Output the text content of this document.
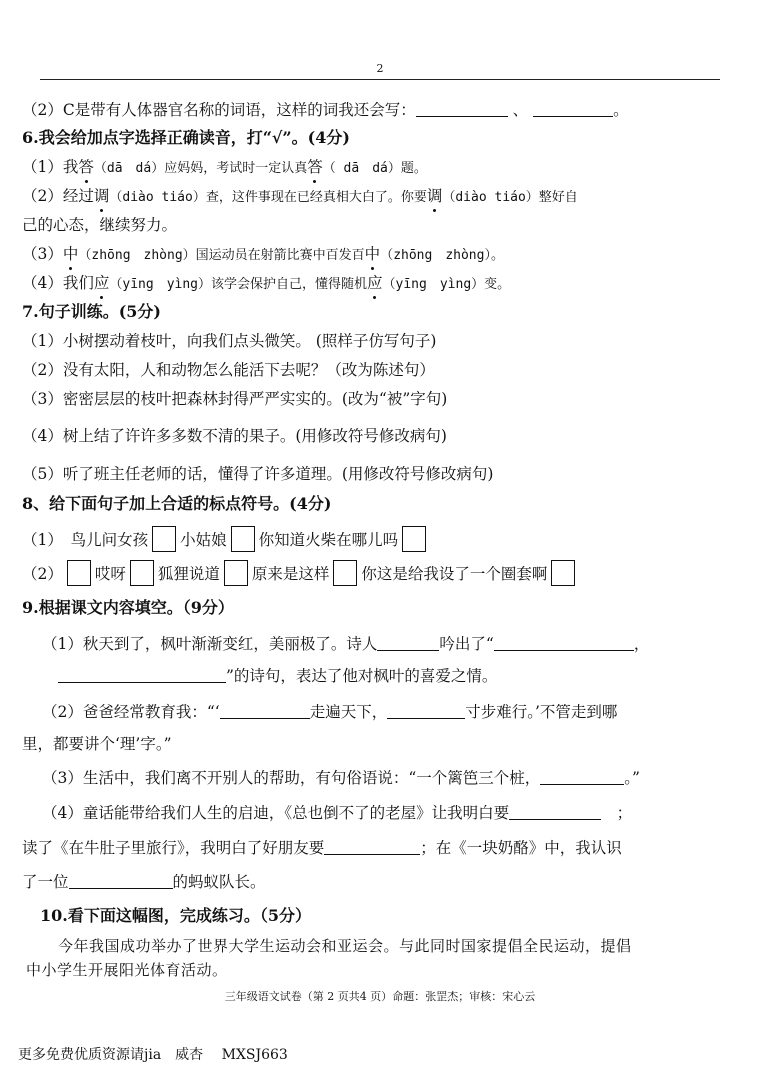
2
（2）C是带有人体器官名称的词语，这样的词我还会写：	、	。
6.我会给加点字选择正确读音，打“√”。(4分)
（1）我答（dā　dá）应妈妈，考试时一定认真答（ dā　dá）题。
（2）经过调（diào tiáo）查，这件事现在已经真相大白了。你要调（diào tiáo）整好自
己的心态，继续努力。
（3）中（zhōng　zhòng）国运动员在射箭比赛中百发百中（zhōng　zhòng）。
（4）我们应（yīng　yìng）该学会保护自己，懂得随机应（yīng　yìng）变。
7.句子训练。(5分)
（1）小树摆动着枝叶，向我们点头微笑。 (照样子仿写句子)
（2）没有太阳，人和动物怎么能活下去呢？（改为陈述句）
（3）密密层层的枝叶把森林封得严严实实的。(改为“被”字句)
（4）树上结了许许多多数不清的果子。(用修改符号修改病句)
（5）听了班主任老师的话，懂得了许多道理。(用修改符号修改病句)
8、给下面句子加上合适的标点符号。(4分)
（1）　鸟儿问女孩 小姑娘 你知道火柴在哪儿吗
（2） 哎呀 狐狸说道 原来是这样 你这是给我设了一个圈套啊
9.根据课文内容填空。（9分）
（1）秋天到了，枫叶渐渐变红，美丽极了。诗人	吟出了“	，
”的诗句，表达了他对枫叶的喜爱之情。
（2）爸爸经常教育我：“‘	走遍天下，	寸步难行。’不管走到哪
里，都要讲个‘理’字。”
（3）生活中，我们离不开别人的帮助，有句俗语说：“一个篱笆三个桩，	。”
（4）童话能带给我们人生的启迪，《总也倒不了的老屋》让我明白要　	；
读了《在牛肚子里旅行》，我明白了好朋友要	；在《一块奶酪》中，我认识
了一位	的蚂蚁队长。
10.看下面这幅图，完成练习。（5分）
今年我国成功举办了世界大学生运动会和亚运会。与此同时国家提倡全民运动，提倡
中小学生开展阳光体育活动。
三年级语文试卷（第 2 页共4 页）命题：张罡杰；审核：宋心云
更多免费优质资源请jia　威杏　 MXSJ663
